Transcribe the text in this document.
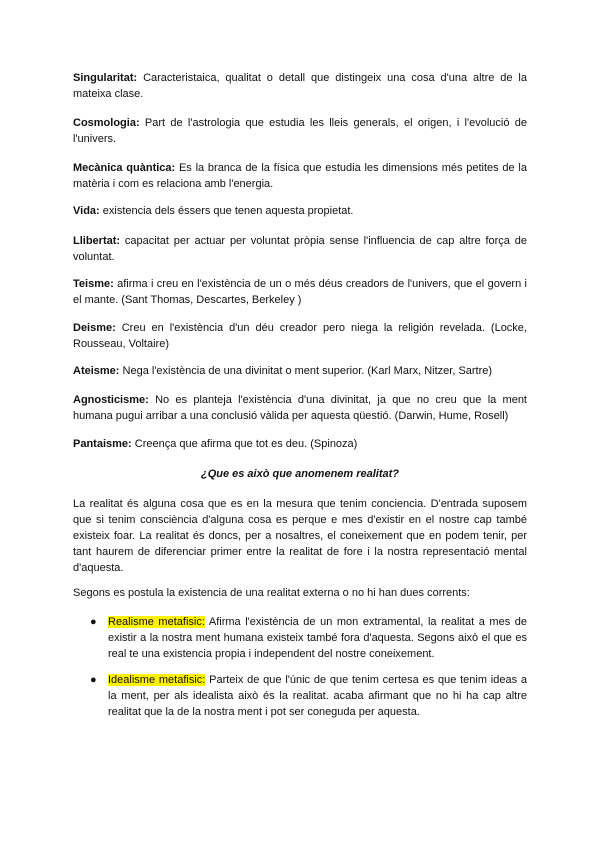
Singularitat: Caracteristaica, qualitat o detall que distingeix una cosa d'una altre de la mateixa clase.

Cosmologia: Part de l'astrologia que estudia les lleis generals, el origen, i l'evolució de l'univers.

Mecànica quàntica: Es la branca de la física que estudia les dimensions més petites de la matèria i com es relaciona amb l'energia.

Vida: existencia dels éssers que tenen aquesta propietat.

Llibertat: capacitat per actuar per voluntat pròpia sense l'influencia de cap altre força de voluntat.

Teisme: afirma i creu en l'existència de un o més déus creadors de l'univers, que el govern i el mante. (Sant Thomas, Descartes, Berkeley )

Deisme: Creu en l'existència d'un déu creador pero niega la religión revelada. (Locke, Rousseau, Voltaire)

Ateisme: Nega l'existència de una divinitat o ment superior. (Karl Marx, Nitzer, Sartre)

Agnosticisme: No es planteja l'existència d'una divinitat, ja que no creu que la ment humana pugui arribar a una conclusió vàlida per aquesta qüestió. (Darwin, Hume, Rosell)

Pantaisme: Creença que afirma que tot es deu. (Spinoza)

¿Que es això que anomenem realitat?

La realitat és alguna cosa que es en la mesura que tenim conciencia. D'entrada suposem que si tenim consciència d'alguna cosa es perque e mes d'existir en el nostre cap també existeix foar. La realitat és doncs, per a nosaltres, el coneixement que en podem tenir, per tant haurem de diferenciar primer entre la realitat de fore i la nostra representació mental d'aquesta.

Segons es postula la existencia de una realitat externa o no hi han dues corrents:

●	Realisme metafisic: Afirma l'existència de un mon extramental, la realitat a mes de existir a la nostra ment humana existeix també fora d'aquesta. Segons això el que es real te una existencia propia i independent del nostre coneixement.

●	Idealisme metafisic: Parteix de que l'únic de que tenim certesa es que tenim ideas a la ment, per als idealista això és la realitat. acaba afirmant que no hi ha cap altre realitat que la de la nostra ment i pot ser coneguda per aquesta.
